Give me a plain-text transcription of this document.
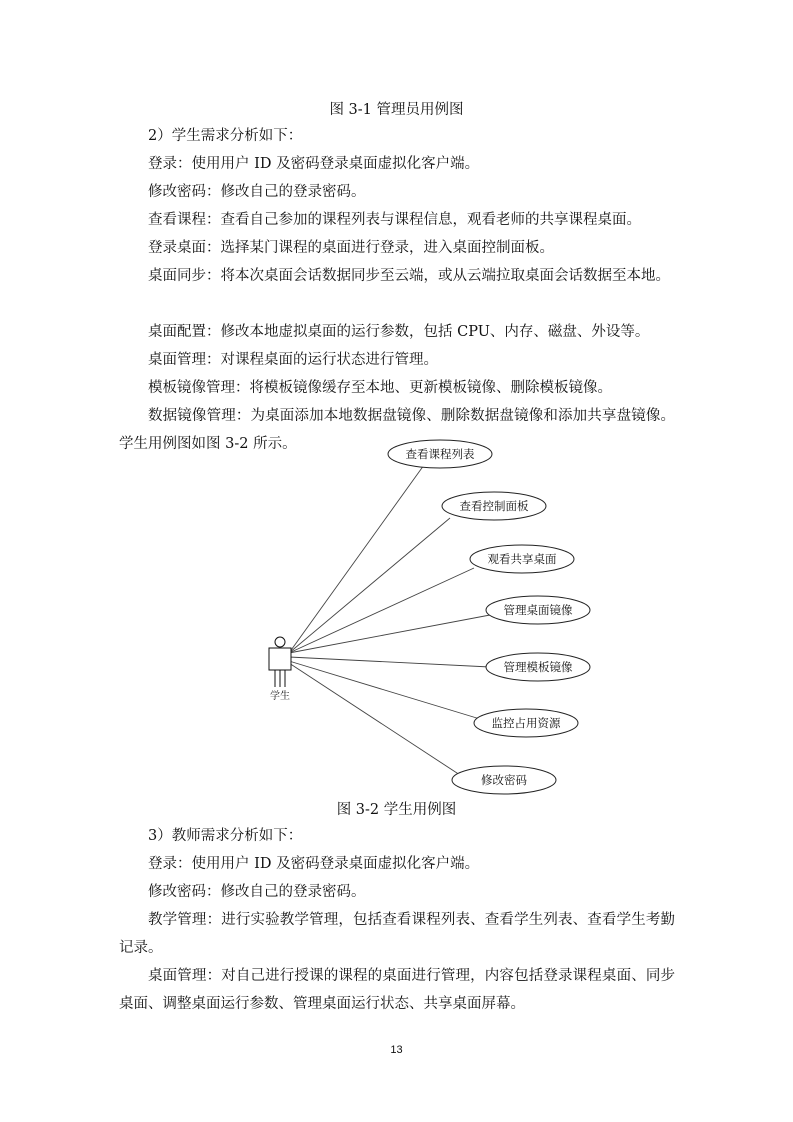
图 3-1 管理员用例图

2）学生需求分析如下：

登录：使用用户 ID 及密码登录桌面虚拟化客户端。

修改密码：修改自己的登录密码。

查看课程：查看自己参加的课程列表与课程信息，观看老师的共享课程桌面。

登录桌面：选择某门课程的桌面进行登录，进入桌面控制面板。

桌面同步：将本次桌面会话数据同步至云端，或从云端拉取桌面会话数据至本地。

桌面配置：修改本地虚拟桌面的运行参数，包括 CPU、内存、磁盘、外设等。

桌面管理：对课程桌面的运行状态进行管理。

模板镜像管理：将模板镜像缓存至本地、更新模板镜像、删除模板镜像。

数据镜像管理：为桌面添加本地数据盘镜像、删除数据盘镜像和添加共享盘镜像。学生用例图如图 3-2 所示。

学生
查看课程列表
查看控制面板
观看共享桌面
管理桌面镜像
管理模板镜像
监控占用资源
修改密码
图 3-2 学生用例图

3）教师需求分析如下：

登录：使用用户 ID 及密码登录桌面虚拟化客户端。

修改密码：修改自己的登录密码。

教学管理：进行实验教学管理，包括查看课程列表、查看学生列表、查看学生考勤记录。

桌面管理：对自己进行授课的课程的桌面进行管理，内容包括登录课程桌面、同步桌面、调整桌面运行参数、管理桌面运行状态、共享桌面屏幕。

13
